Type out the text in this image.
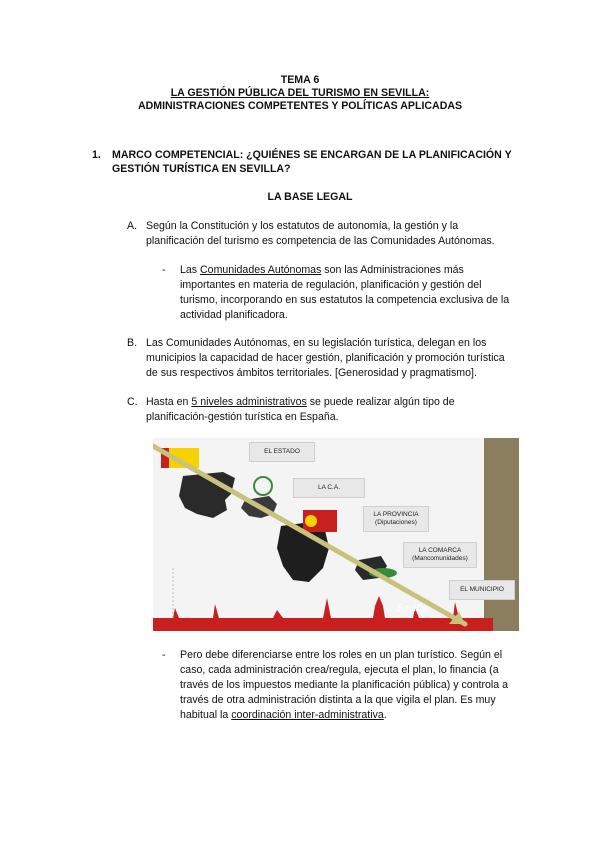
TEMA 6
LA GESTIÓN PÚBLICA DEL TURISMO EN SEVILLA:
ADMINISTRACIONES COMPETENTES Y POLÍTICAS APLICADAS
1. MARCO COMPETENCIAL: ¿QUIÉNES SE ENCARGAN DE LA PLANIFICACIÓN Y
GESTIÓN TURÍSTICA EN SEVILLA?
LA BASE LEGAL
A. Según la Constitución y los estatutos de autonomía, la gestión y la
planificación del turismo es competencia de las Comunidades Autónomas.
- Las Comunidades Autónomas son las Administraciones más
importantes en materia de regulación, planificación y gestión del
turismo, incorporando en sus estatutos la competencia exclusiva de la
actividad planificadora.
B. Las Comunidades Autónomas, en su legislación turística, delegan en los
municipios la capacidad de hacer gestión, planificación y promoción turística
de sus respectivos ámbitos territoriales. [Generosidad y pragmatismo].
C. Hasta en 5 niveles administrativos se puede realizar algún tipo de
planificación-gestión turística en España.
EL ESTADO
LA C.A.
LA PROVINCIA
(Diputaciones)
LA COMARCA
(Mancomunidades)
EL MUNICIPIO
Sevilla
- Pero debe diferenciarse entre los roles en un plan turístico. Según el
caso, cada administración crea/regula, ejecuta el plan, lo financia (a
través de los impuestos mediante la planificación pública) y controla a
través de otra administración distinta a la que vigila el plan. Es muy
habitual la coordinación inter-administrativa.
